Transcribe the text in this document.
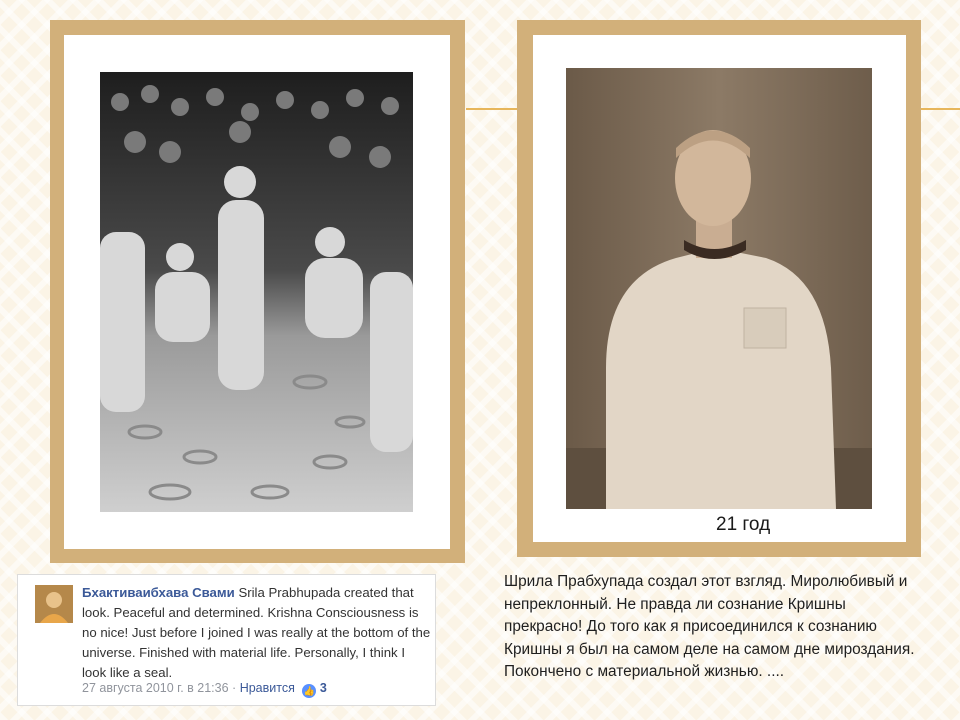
21 год
Бхактиваибхава Свами Srila Prabhupada created that look. Peaceful and determined. Krishna Consciousness is no nice! Just before I joined I was really at the bottom of the universe. Finished with material life. Personally, I think I look like a seal.
27 августа 2010 г. в 21:36 · Нравится 👍 3
Шрила Прабхупада создал этот взгляд. Миролюбивый и непреклонный. Не правда ли сознание Кришны прекрасно! До того как я присоединился к сознанию Кришны я был на самом деле на самом дне мироздания. Покончено с материальной жизнью. ....
